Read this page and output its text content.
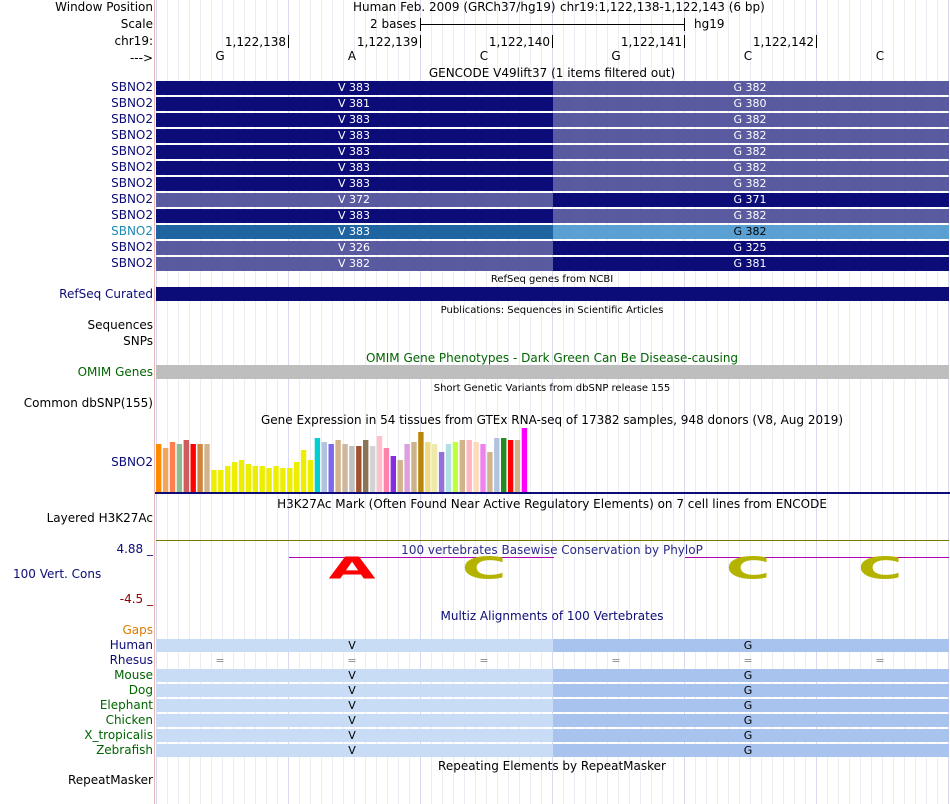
Window Position
Scale
chr19:
--->
Human Feb. 2009 (GRCh37/hg19) chr19:1,122,138-1,122,143 (6 bp)
2 bases	hg19
1,122,138	1,122,139	1,122,140	1,122,141	1,122,142
G	A	C	G	C	C
GENCODE V49lift37 (1 items filtered out)
SBNO2	V 383	G 382
SBNO2	V 381	G 380
SBNO2	V 383	G 382
SBNO2	V 383	G 382
SBNO2	V 383	G 382
SBNO2	V 383	G 382
SBNO2	V 383	G 382
SBNO2	V 372	G 371
SBNO2	V 383	G 382
SBNO2	V 383	G 382
SBNO2	V 326	G 325
SBNO2	V 382	G 381
RefSeq genes from NCBI
RefSeq Curated
Publications: Sequences in Scientific Articles
Sequences
SNPs
OMIM Gene Phenotypes - Dark Green Can Be Disease-causing
OMIM Genes
Short Genetic Variants from dbSNP release 155
Common dbSNP(155)
Gene Expression in 54 tissues from GTEx RNA-seq of 17382 samples, 948 donors (V8, Aug 2019)
SBNO2
H3K27Ac Mark (Often Found Near Active Regulatory Elements) on 7 cell lines from ENCODE
Layered H3K27Ac
4.88 _
100 Vert. Cons
-4.5 _
100 vertebrates Basewise Conservation by PhyloP
A C	C C
Multiz Alignments of 100 Vertebrates
Gaps
Human	V	G
Rhesus	=	=	=	=	=	=
Mouse	V	G
Dog	V	G
Elephant	V	G
Chicken	V	G
X_tropicalis	V	G
Zebrafish	V	G
Repeating Elements by RepeatMasker
RepeatMasker
